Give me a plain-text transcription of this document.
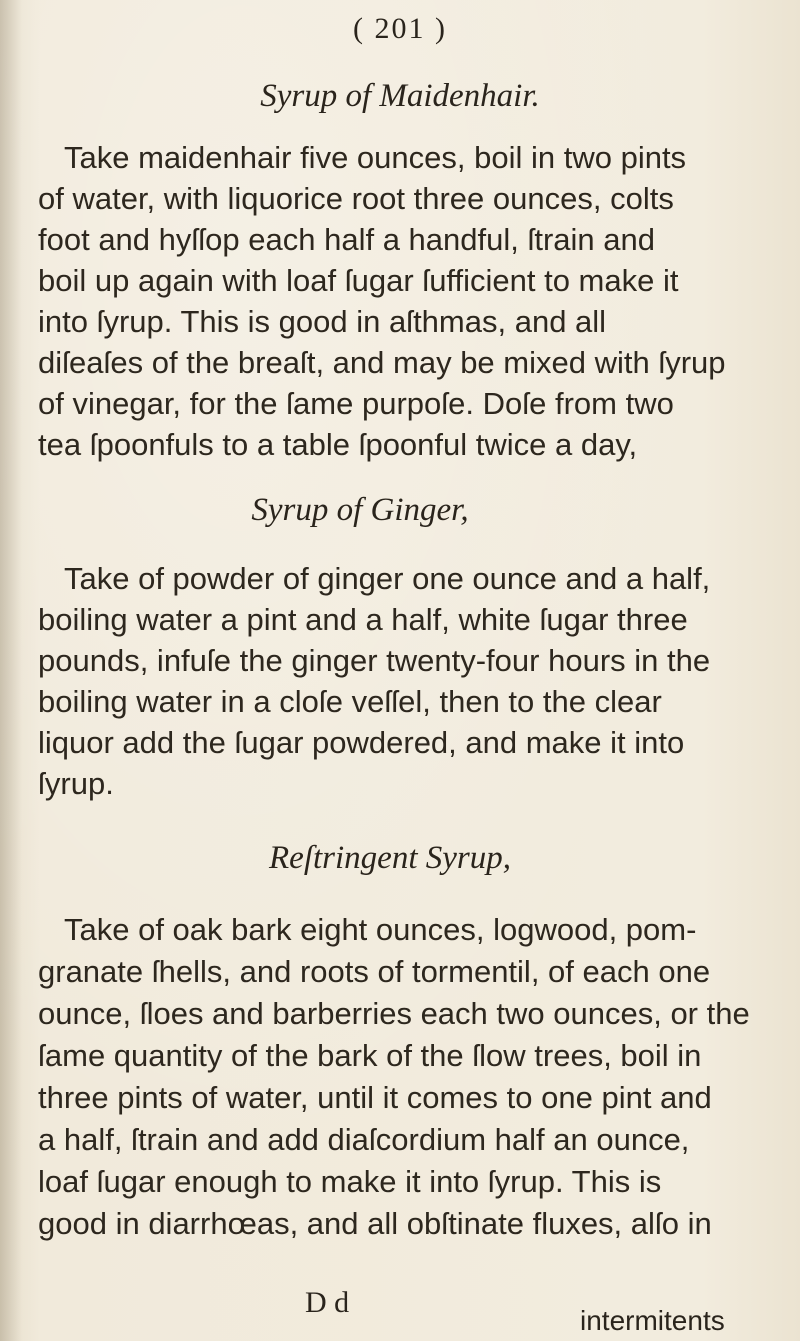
( 201 )
Syrup of Maidenhair.
Take maidenhair five ounces, boil in two pints
of water, with liquorice root three ounces, colts
foot and hyſſop each half a handful, ſtrain and
boil up again with loaf ſugar ſufficient to make it
into ſyrup. This is good in aſthmas, and all
diſeaſes of the breaſt, and may be mixed with ſyrup
of vinegar, for the ſame purpoſe. Doſe from two
tea ſpoonfuls to a table ſpoonful twice a day,
Syrup of Ginger,
Take of powder of ginger one ounce and a half,
boiling water a pint and a half, white ſugar three
pounds, infuſe the ginger twenty-four hours in the
boiling water in a cloſe veſſel, then to the clear
liquor add the ſugar powdered, and make it into
ſyrup.
Reſtringent Syrup,
Take of oak bark eight ounces, logwood, pom-
granate ſhells, and roots of tormentil, of each one
ounce, ſloes and barberries each two ounces, or the
ſame quantity of the bark of the ſlow trees, boil in
three pints of water, until it comes to one pint and
a half, ſtrain and add diaſcordium half an ounce,
loaf ſugar enough to make it into ſyrup. This is
good in diarrhœas, and all obſtinate fluxes, alſo in
D d
intermitents
